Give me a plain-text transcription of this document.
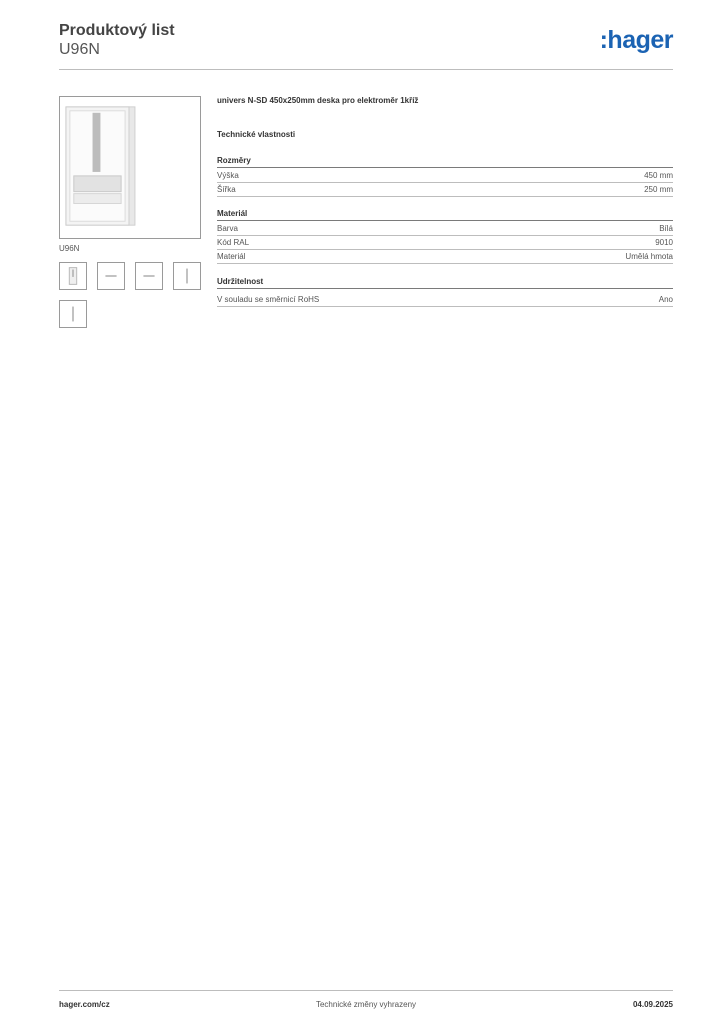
Produktový list
U96N	:hager
U96N
univers N-SD 450x250mm deska pro elektroměr 1kříž
Technické vlastnosti
Rozměry
Výška	450 mm
Šířka	250 mm
Materiál
Barva	Bílá
Kód RAL	9010
Materiál	Umělá hmota
Udržitelnost
V souladu se směrnicí RoHS	Ano
Technické změny vyhrazeny
hager.com/cz	04.09.2025
